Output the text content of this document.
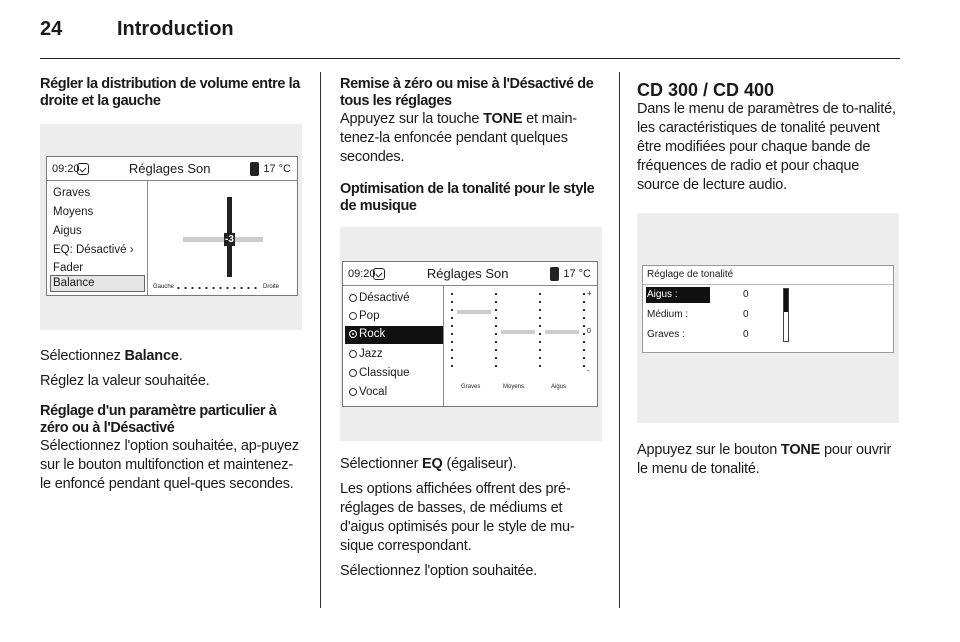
24	Introduction
Régler la distribution de volume entre la droite et la gauche
09:20	Réglages Son	17 °C
Graves
Moyens
Aigus
EQ: Désactivé ›
Fader
Balance
-3
Gauche	Droite
Sélectionnez Balance.
Réglez la valeur souhaitée.
Réglage d'un paramètre particulier à zéro ou à l'Désactivé
Sélectionnez l'option souhaitée, ap-puyez sur le bouton multifonction et maintenez-le enfoncé pendant quel-ques secondes.
Remise à zéro ou mise à l'Désactivé de tous les réglages
Appuyez sur la touche TONE et main-tenez-la enfoncée pendant quelques secondes.
Optimisation de la tonalité pour le style de musique
09:20	Réglages Son	17 °C
Désactivé
Pop
Rock
Jazz
Classique
Vocal
+
0
-
Graves	Moyens	Aigus
Sélectionner EQ (égaliseur).
Les options affichées offrent des pré-réglages de basses, de médiums et d'aigus optimisés pour le style de mu-sique correspondant.
Sélectionnez l'option souhaitée.
CD 300 / CD 400
Dans le menu de paramètres de to-nalité, les caractéristiques de tonalité peuvent être modifiées pour chaque bande de fréquences de radio et pour chaque source de lecture audio.
Réglage de tonalité
Aigus :	0
Médium :	0
Graves :	0
Appuyez sur le bouton TONE pour ouvrir le menu de tonalité.
